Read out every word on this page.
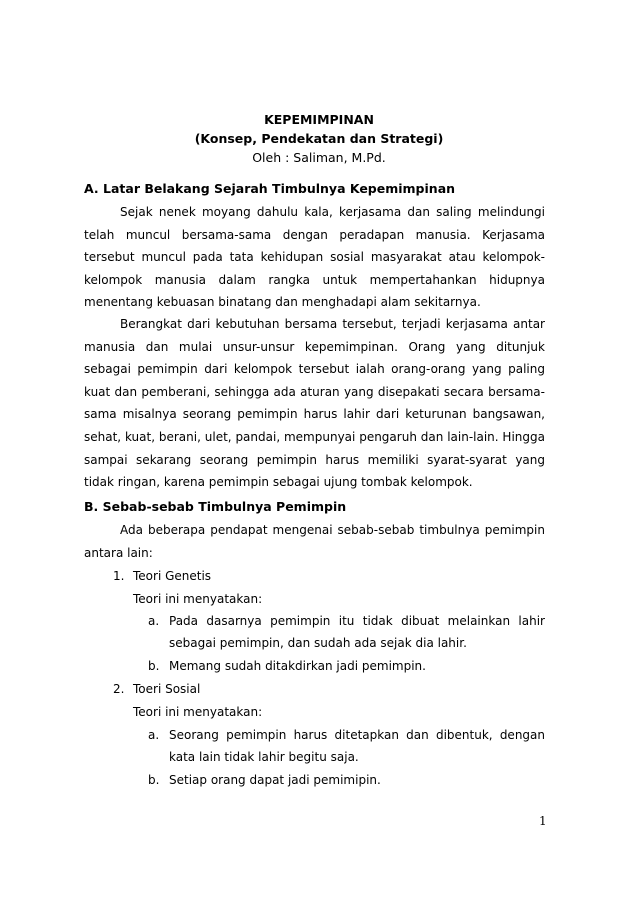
KEPEMIMPINAN
(Konsep, Pendekatan dan Strategi)
Oleh : Saliman, M.Pd.
A. Latar Belakang Sejarah Timbulnya Kepemimpinan

Sejak nenek moyang dahulu kala, kerjasama dan saling melindungi telah muncul bersama-sama dengan peradapan manusia. Kerjasama tersebut muncul pada tata kehidupan sosial masyarakat atau kelompok-kelompok manusia dalam rangka untuk mempertahankan hidupnya menentang kebuasan binatang dan menghadapi alam sekitarnya.

Berangkat dari kebutuhan bersama tersebut, terjadi kerjasama antar manusia dan mulai unsur-unsur kepemimpinan. Orang yang ditunjuk sebagai pemimpin dari kelompok tersebut ialah orang-orang yang paling kuat dan pemberani, sehingga ada aturan yang disepakati secara bersama-sama misalnya seorang pemimpin harus lahir dari keturunan bangsawan, sehat, kuat, berani, ulet, pandai, mempunyai pengaruh dan lain-lain. Hingga sampai sekarang seorang pemimpin harus memiliki syarat-syarat yang tidak ringan, karena pemimpin sebagai ujung tombak kelompok.

B. Sebab-sebab Timbulnya Pemimpin

Ada beberapa pendapat mengenai sebab-sebab timbulnya pemimpin antara lain:

1. Teori Genetis
Teori ini menyatakan:
a. Pada dasarnya pemimpin itu tidak dibuat melainkan lahir sebagai pemimpin, dan sudah ada sejak dia lahir.

b. Memang sudah ditakdirkan jadi pemimpin.

2. Toeri Sosial
Teori ini menyatakan:
a. Seorang pemimpin harus ditetapkan dan dibentuk, dengan kata lain tidak lahir begitu saja.

b. Setiap orang dapat jadi pemimipin.

1
